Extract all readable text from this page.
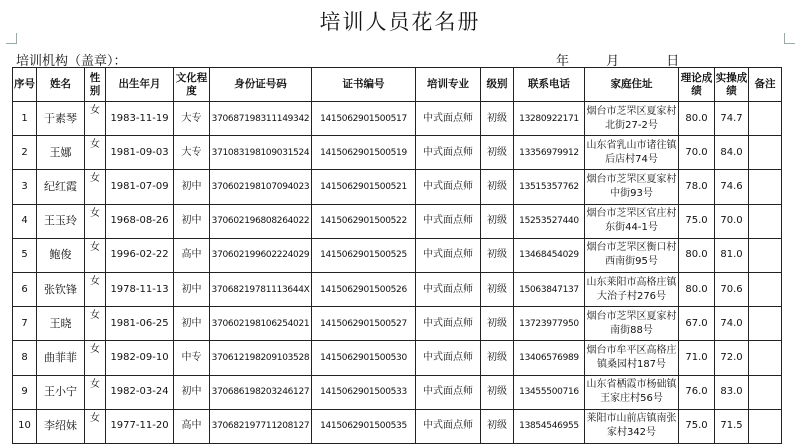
培训人员花名册
培训机构（盖章）：	年	月	日
序号	姓名	性别	出生年月	文化程度	身份证号码	证书编号	培训专业	级别	联系电话	家庭住址	理论成绩	实操成绩	备注
1	于素琴	女	1983-11-19	大专	370687198311149342	1415062901500517	中式面点师	初级	13280922171	烟台市芝罘区夏家村北街27-2号	80.0	74.7	
2	王娜	女	1981-09-03	大专	371083198109031524	1415062901500519	中式面点师	初级	13356979912	山东省乳山市诸往镇后店村74号	70.0	84.0	
3	纪红霞	女	1981-07-09	初中	370602198107094023	1415062901500521	中式面点师	初级	13515357762	烟台市芝罘区夏家村中街93号	78.0	74.6	
4	王玉玲	女	1968-08-26	初中	370602196808264022	1415062901500522	中式面点师	初级	15253527440	烟台市芝罘区官庄村东街44-1号	75.0	70.0	
5	鲍俊	女	1996-02-22	高中	370602199602224029	1415062901500525	中式面点师	初级	13468454029	烟台市芝罘区衡口村西南街95号	80.0	81.0	
6	张钦锋	女	1978-11-13	初中	37068219781113644X	1415062901500526	中式面点师	初级	15063847137	山东莱阳市高格庄镇大治子村276号	80.0	70.6	
7	王晓	女	1981-06-25	初中	370602198106254021	1415062901500527	中式面点师	初级	13723977950	烟台市芝罘区夏家村南街88号	67.0	74.0	
8	曲菲菲	女	1982-09-10	中专	370612198209103528	1415062901500530	中式面点师	初级	13406576989	烟台市牟平区高格庄镇桑园村187号	71.0	72.0	
9	王小宁	女	1982-03-24	初中	370686198203246127	1415062901500533	中式面点师	初级	13455500716	山东省栖霞市杨础镇王家庄村56号	76.0	83.0	
10	李绍妹	女	1977-11-20	高中	370682197711208127	1415062901500535	中式面点师	初级	13854546955	莱阳市山前店镇南张家村342号	75.0	71.5	
